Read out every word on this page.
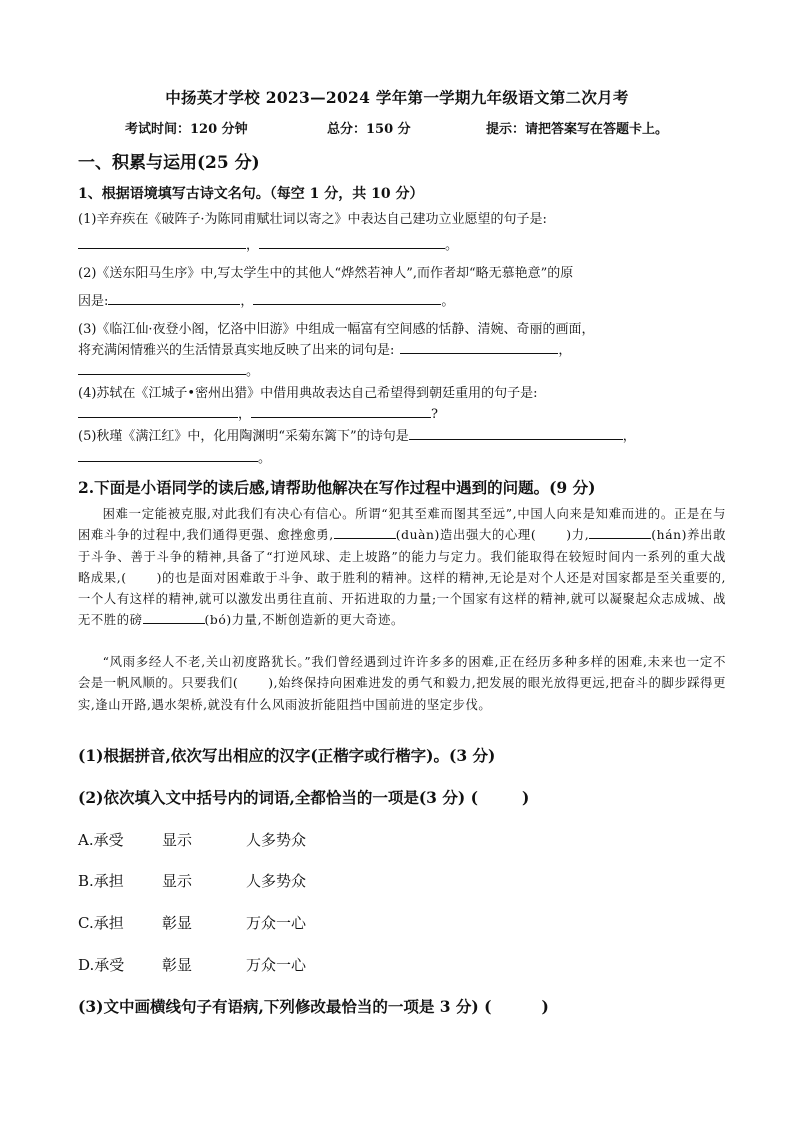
中扬英才学校 2023—2024 学年第一学期九年级语文第二次月考
考试时间：120 分钟	总分：150 分	提示：请把答案写在答题卡上。
一、积累与运用(25 分)
1、根据语境填写古诗文名句。（每空 1 分，共 10 分）
(1)辛弃疾在《破阵子·为陈同甫赋壮词以寄之》中表达自己建功立业愿望的句子是:
，	。
(2)《送东阳马生序》中,写太学生中的其他人“烨然若神人”,而作者却“略无慕艳意”的原
因是:	，	。
(3)《临江仙·夜登小阁，忆洛中旧游》中组成一幅富有空间感的恬静、清婉、奇丽的画面，
将充满闲情雅兴的生活情景真实地反映了出来的词句是:	，
。
(4)苏轼在《江城子•密州出猎》中借用典故表达自己希望得到朝廷重用的句子是:
，	?
(5)秋瑾《满江红》中，化用陶渊明“采菊东篱下”的诗句是	，
。
2.下面是小语同学的读后感,请帮助他解决在写作过程中遇到的问题。(9 分)
困难一定能被克服,对此我们有决心有信心。所谓“犯其至难而图其至远”,中国人向来是知难而进的。正是在与困难斗争的过程中,我们通得更强、愈挫愈勇,	(duàn)造出强大的心理( )力,	(hán)养出敢于斗争、善于斗争的精神,具备了“打逆风球、走上坡路”的能力与定力。我们能取得在较短时间内一系列的重大战略成果,( )的也是面对困难敢于斗争、敢于胜利的精神。这样的精神,无论是对个人还是对国家都是至关重要的,一个人有这样的精神,就可以激发出勇往直前、开拓进取的力量;一个国家有这样的精神,就可以凝聚起众志成城、战无不胜的磅	(bó)力量,不断创造新的更大奇迹。
“风雨多经人不老,关山初度路犹长。”我们曾经遇到过许许多多的困难,正在经历多种多样的困难,未来也一定不会是一帆风顺的。只要我们( ),始终保持向困难进发的勇气和毅力,把发展的眼光放得更远,把奋斗的脚步踩得更实,逢山开路,遇水架桥,就没有什么风雨波折能阻挡中国前进的坚定步伐。
(1)根据拼音,依次写出相应的汉字(正楷字或行楷字)。(3 分)
(2)依次填入文中括号内的词语,全都恰当的一项是(3 分) (	)
A.承受	显示	人多势众
B.承担	显示	人多势众
C.承担	彰显	万众一心
D.承受	彰显	万众一心
(3)文中画横线句子有语病,下列修改最恰当的一项是 3 分) (	)
